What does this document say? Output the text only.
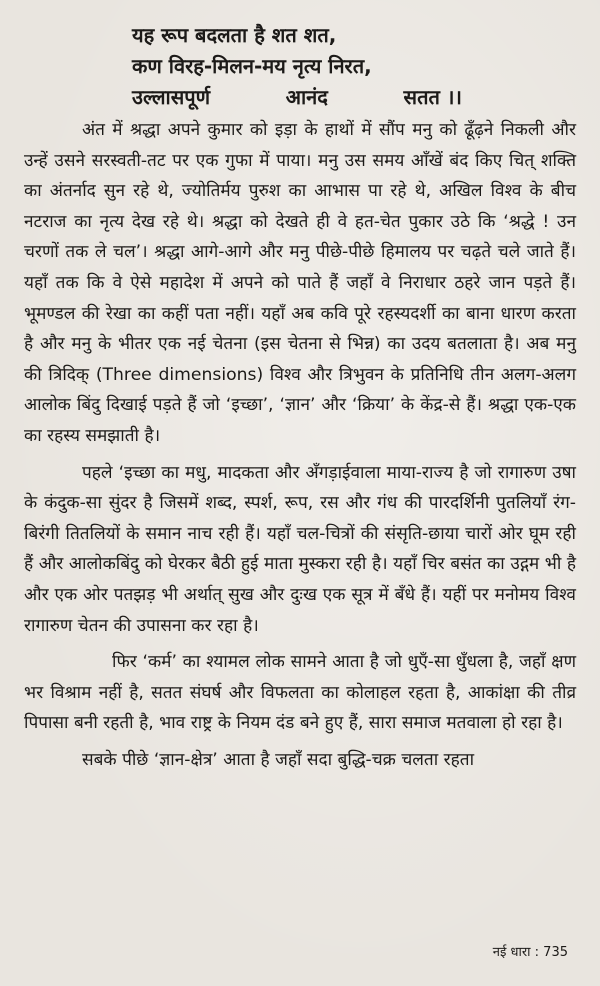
यह रूप बदलता है शत शत,
कण विरह-मिलन-मय नृत्य निरत,
उल्लासपूर्ण	आनंद	सतत ।।

अंत में श्रद्धा अपने कुमार को इड़ा के हाथों में सौंप मनु को ढूँढ़ने निकली और उन्हें उसने सरस्वती-तट पर एक गुफा में पाया। मनु उस समय आँखें बंद किए चित् शक्ति का अंतर्नाद सुन रहे थे, ज्योतिर्मय पुरुश का आभास पा रहे थे, अखिल विश्व के बीच नटराज का नृत्य देख रहे थे। श्रद्धा को देखते ही वे हत-चेत पुकार उठे कि ‘श्रद्धे ! उन चरणों तक ले चल’। श्रद्धा आगे-आगे और मनु पीछे-पीछे हिमालय पर चढ़ते चले जाते हैं। यहाँ तक कि वे ऐसे महादेश में अपने को पाते हैं जहाँ वे निराधार ठहरे जान पड़ते हैं। भूमण्डल की रेखा का कहीं पता नहीं। यहाँ अब कवि पूरे रहस्यदर्शी का बाना धारण करता है और मनु के भीतर एक नई चेतना (इस चेतना से भिन्न) का उदय बतलाता है। अब मनु की त्रिदिक् (Three dimensions) विश्व और त्रिभुवन के प्रतिनिधि तीन अलग-अलग आलोक बिंदु दिखाई पड़ते हैं जो ‘इच्छा’, ‘ज्ञान’ और ‘क्रिया’ के केंद्र-से हैं। श्रद्धा एक-एक का रहस्य समझाती है।

पहले ‘इच्छा का मधु, मादकता और अँगड़ाईवाला माया-राज्य है जो रागारुण उषा के कंदुक-सा सुंदर है जिसमें शब्द, स्पर्श, रूप, रस और गंध की पारदर्शिनी पुतलियाँ रंग-बिरंगी तितलियों के समान नाच रही हैं। यहाँ चल-चित्रों की संसृति-छाया चारों ओर घूम रही हैं और आलोकबिंदु को घेरकर बैठी हुई माता मुस्करा रही है। यहाँ चिर बसंत का उद्गम भी है और एक ओर पतझड़ भी अर्थात् सुख और दुःख एक सूत्र में बँधे हैं। यहीं पर मनोमय विश्व रागारुण चेतन की उपासना कर रहा है।

फिर ‘कर्म’ का श्यामल लोक सामने आता है जो धुएँ-सा धुँधला है, जहाँ क्षण भर विश्राम नहीं है, सतत संघर्ष और विफलता का कोलाहल रहता है, आकांक्षा की तीव्र पिपासा बनी रहती है, भाव राष्ट्र के नियम दंड बने हुए हैं, सारा समाज मतवाला हो रहा है।

सबके पीछे ‘ज्ञान-क्षेत्र’ आता है जहाँ सदा बुद्धि-चक्र चलता रहता

नई धारा : 735
